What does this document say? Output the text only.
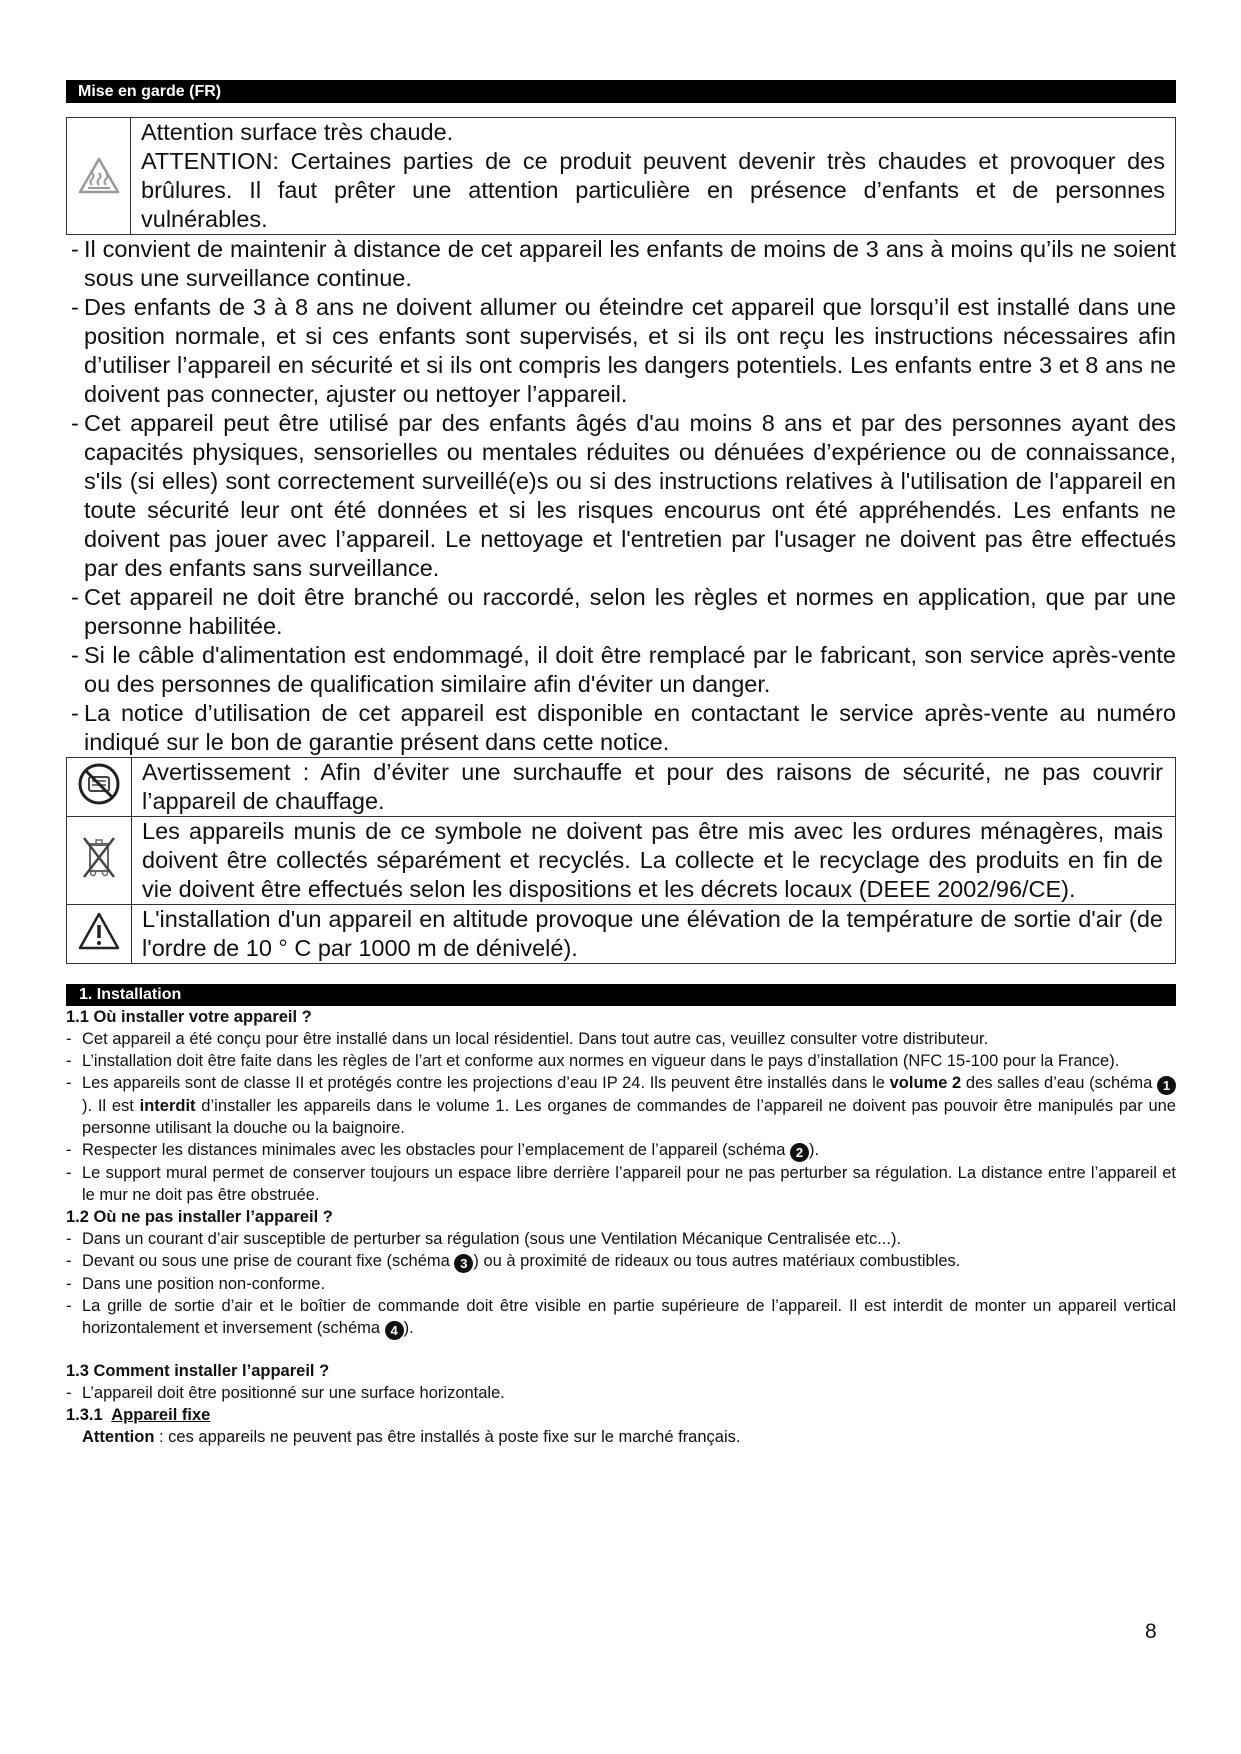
Mise en garde (FR)
Attention surface très chaude.
ATTENTION: Certaines parties de ce produit peuvent devenir très chaudes et provoquer des brûlures. Il faut prêter une attention particulière en présence d’enfants et de personnes vulnérables.
- Il convient de maintenir à distance de cet appareil les enfants de moins de 3 ans à moins qu’ils ne soient sous une surveillance continue.
- Des enfants de 3 à 8 ans ne doivent allumer ou éteindre cet appareil que lorsqu’il est installé dans une position normale, et si ces enfants sont supervisés, et si ils ont reçu les instructions nécessaires afin d’utiliser l’appareil en sécurité et si ils ont compris les dangers potentiels. Les enfants entre 3 et 8 ans ne doivent pas connecter, ajuster ou nettoyer l’appareil.
- Cet appareil peut être utilisé par des enfants âgés d'au moins 8 ans et par des personnes ayant des capacités physiques, sensorielles ou mentales réduites ou dénuées d’expérience ou de connaissance, s'ils (si elles) sont correctement surveillé(e)s ou si des instructions relatives à l'utilisation de l'appareil en toute sécurité leur ont été données et si les risques encourus ont été appréhendés. Les enfants ne doivent pas jouer avec l’appareil. Le nettoyage et l'entretien par l'usager ne doivent pas être effectués par des enfants sans surveillance.
- Cet appareil ne doit être branché ou raccordé, selon les règles et normes en application, que par une personne habilitée.
- Si le câble d'alimentation est endommagé, il doit être remplacé par le fabricant, son service après-vente ou des personnes de qualification similaire afin d'éviter un danger.
- La notice d’utilisation de cet appareil est disponible en contactant le service après-vente au numéro indiqué sur le bon de garantie présent dans cette notice.
	Avertissement : Afin d’éviter une surchauffe et pour des raisons de sécurité, ne pas couvrir l’appareil de chauffage.
	Les appareils munis de ce symbole ne doivent pas être mis avec les ordures ménagères, mais doivent être collectés séparément et recyclés. La collecte et le recyclage des produits en fin de vie doivent être effectués selon les dispositions et les décrets locaux (DEEE 2002/96/CE).
	L'installation d'un appareil en altitude provoque une élévation de la température de sortie d'air (de l'ordre de 10 ° C par 1000 m de dénivelé).
1. Installation
1.1 Où installer votre appareil ?
- Cet appareil a été conçu pour être installé dans un local résidentiel. Dans tout autre cas, veuillez consulter votre distributeur.
- L’installation doit être faite dans les règles de l’art et conforme aux normes en vigueur dans le pays d’installation (NFC 15-100 pour la France).
- Les appareils sont de classe II et protégés contre les projections d’eau IP 24. Ils peuvent être installés dans le volume 2 des salles d’eau (schéma 1). Il est interdit d’installer les appareils dans le volume 1. Les organes de commandes de l’appareil ne doivent pas pouvoir être manipulés par une personne utilisant la douche ou la baignoire.
- Respecter les distances minimales avec les obstacles pour l’emplacement de l’appareil (schéma 2 ).
- Le support mural permet de conserver toujours un espace libre derrière l’appareil pour ne pas perturber sa régulation. La distance entre l’appareil et le mur ne doit pas être obstruée.
1.2 Où ne pas installer l’appareil ?
- Dans un courant d’air susceptible de perturber sa régulation (sous une Ventilation Mécanique Centralisée etc...).
- Devant ou sous une prise de courant fixe (schéma 3 ) ou à proximité de rideaux ou tous autres matériaux combustibles.
- Dans une position non-conforme.
- La grille de sortie d’air et le boîtier de commande doit être visible en partie supérieure de l’appareil. Il est interdit de monter un appareil vertical horizontalement et inversement (schéma 4 ).
1.3 Comment installer l’appareil ?
- L’appareil doit être positionné sur une surface horizontale.
1.3.1 Appareil fixe
Attention : ces appareils ne peuvent pas être installés à poste fixe sur le marché français.
8
